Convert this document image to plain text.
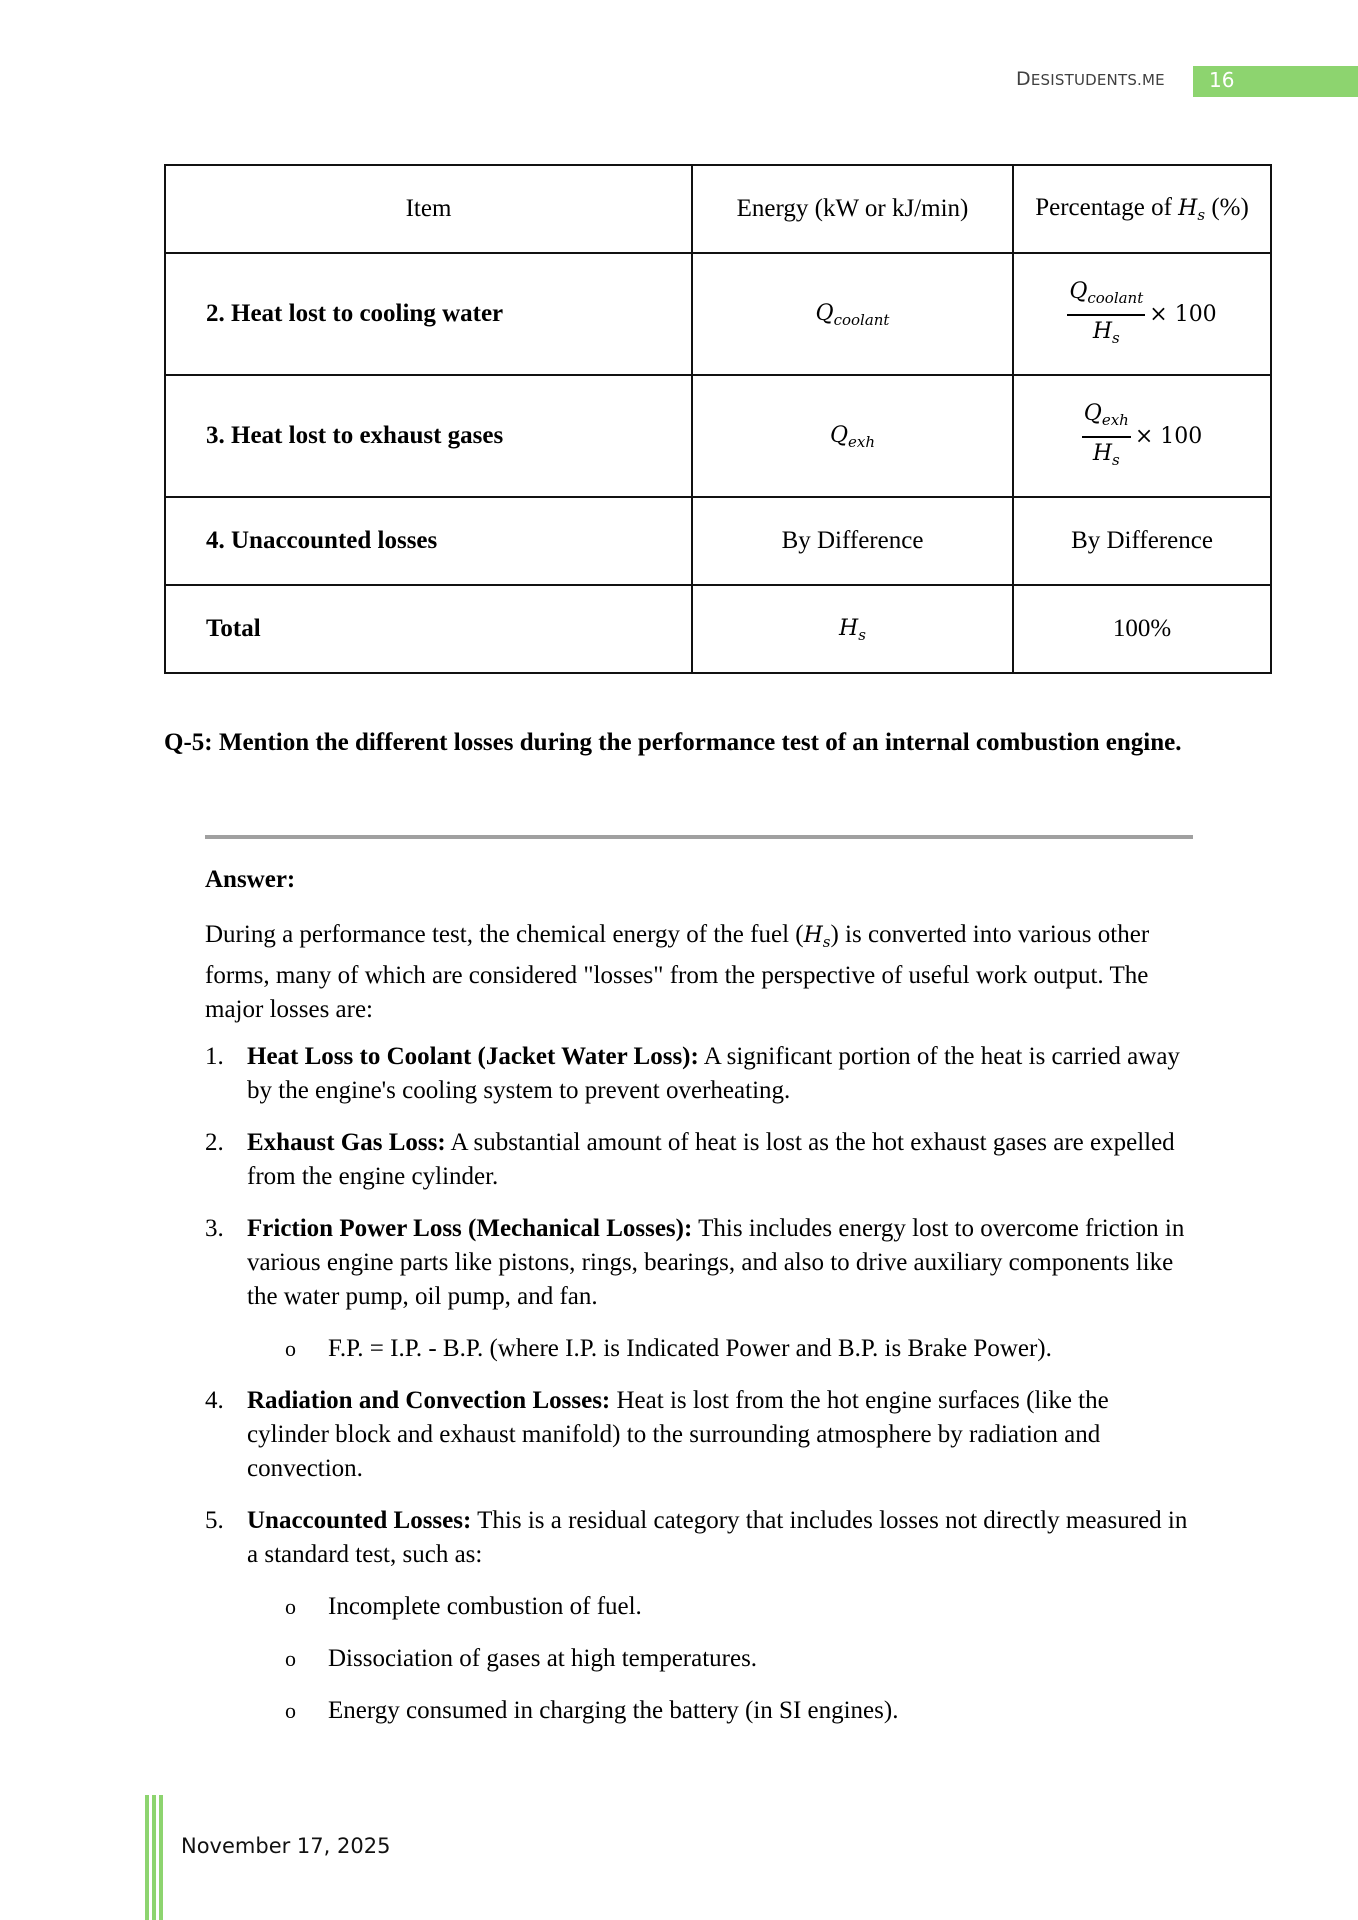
DESISTUDENTS.ME 16
Item	Energy (kW or kJ/min)	Percentage of $H_s$ (%)
2. Heat lost to cooling water	$Q_{coolant}$	$\frac{Q_{coolant}}{H_s} \times 100$
3. Heat lost to exhaust gases	$Q_{exh}$	$\frac{Q_{exh}}{H_s} \times 100$
4. Unaccounted losses	By Difference	By Difference
Total	$H_s$	100%
Q-5: Mention the different losses during the performance test of an internal combustion engine.
Answer:
During a performance test, the chemical energy of the fuel $(H_s)$ is converted into various other forms, many of which are considered "losses" from the perspective of useful work output. The major losses are:
1. Heat Loss to Coolant (Jacket Water Loss): A significant portion of the heat is carried away by the engine's cooling system to prevent overheating.
2. Exhaust Gas Loss: A substantial amount of heat is lost as the hot exhaust gases are expelled from the engine cylinder.
3. Friction Power Loss (Mechanical Losses): This includes energy lost to overcome friction in various engine parts like pistons, rings, bearings, and also to drive auxiliary components like the water pump, oil pump, and fan.
o F.P. = I.P. - B.P. (where I.P. is Indicated Power and B.P. is Brake Power).
4. Radiation and Convection Losses: Heat is lost from the hot engine surfaces (like the cylinder block and exhaust manifold) to the surrounding atmosphere by radiation and convection.
5. Unaccounted Losses: This is a residual category that includes losses not directly measured in a standard test, such as:
o Incomplete combustion of fuel.
o Dissociation of gases at high temperatures.
o Energy consumed in charging the battery (in SI engines).
November 17, 2025
